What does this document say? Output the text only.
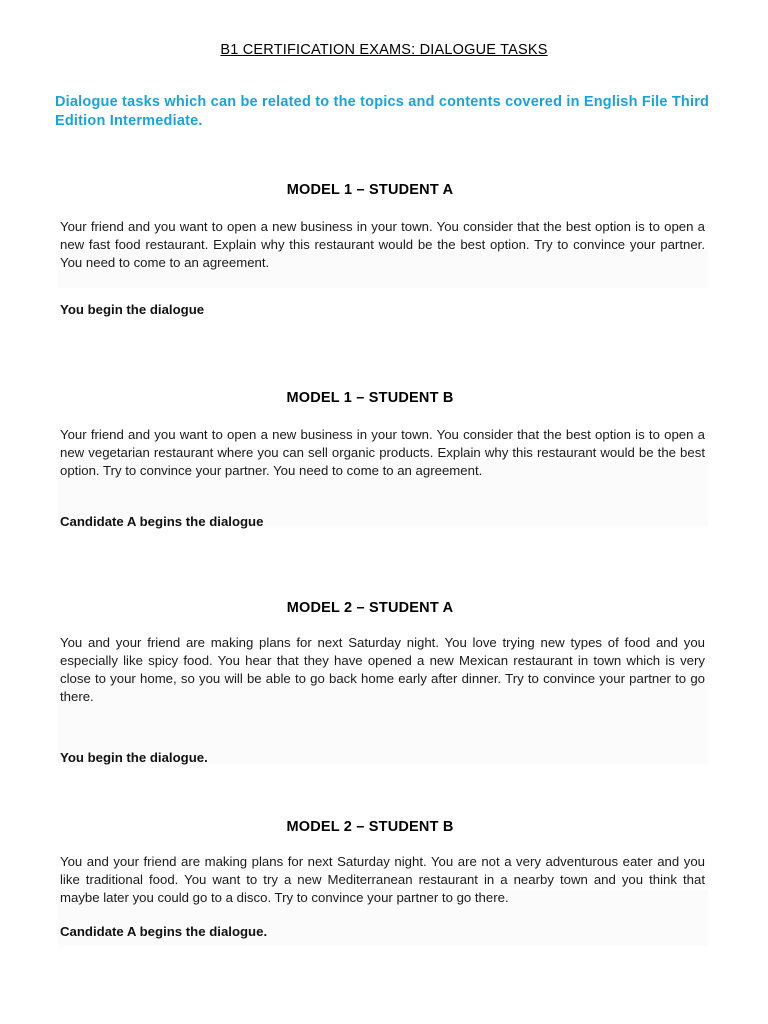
B1 CERTIFICATION EXAMS: DIALOGUE TASKS
Dialogue tasks which can be related to the topics and contents covered in English File Third Edition Intermediate.
MODEL 1 – STUDENT A
Your friend and you want to open a new business in your town. You consider that the best option is to open a new fast food restaurant. Explain why this restaurant would be the best option. Try to convince your partner. You need to come to an agreement.
You begin the dialogue
MODEL 1 – STUDENT B
Your friend and you want to open a new business in your town. You consider that the best option is to open a new vegetarian restaurant where you can sell organic products. Explain why this restaurant would be the best option. Try to convince your partner. You need to come to an agreement.
Candidate A begins the dialogue
MODEL 2 – STUDENT A
You and your friend are making plans for next Saturday night. You love trying new types of food and you especially like spicy food. You hear that they have opened a new Mexican restaurant in town which is very close to your home, so you will be able to go back home early after dinner. Try to convince your partner to go there.
You begin the dialogue.
MODEL 2 – STUDENT B
You and your friend are making plans for next Saturday night. You are not a very adventurous eater and you like traditional food. You want to try a new Mediterranean restaurant in a nearby town and you think that maybe later you could go to a disco. Try to convince your partner to go there.
Candidate A begins the dialogue.
